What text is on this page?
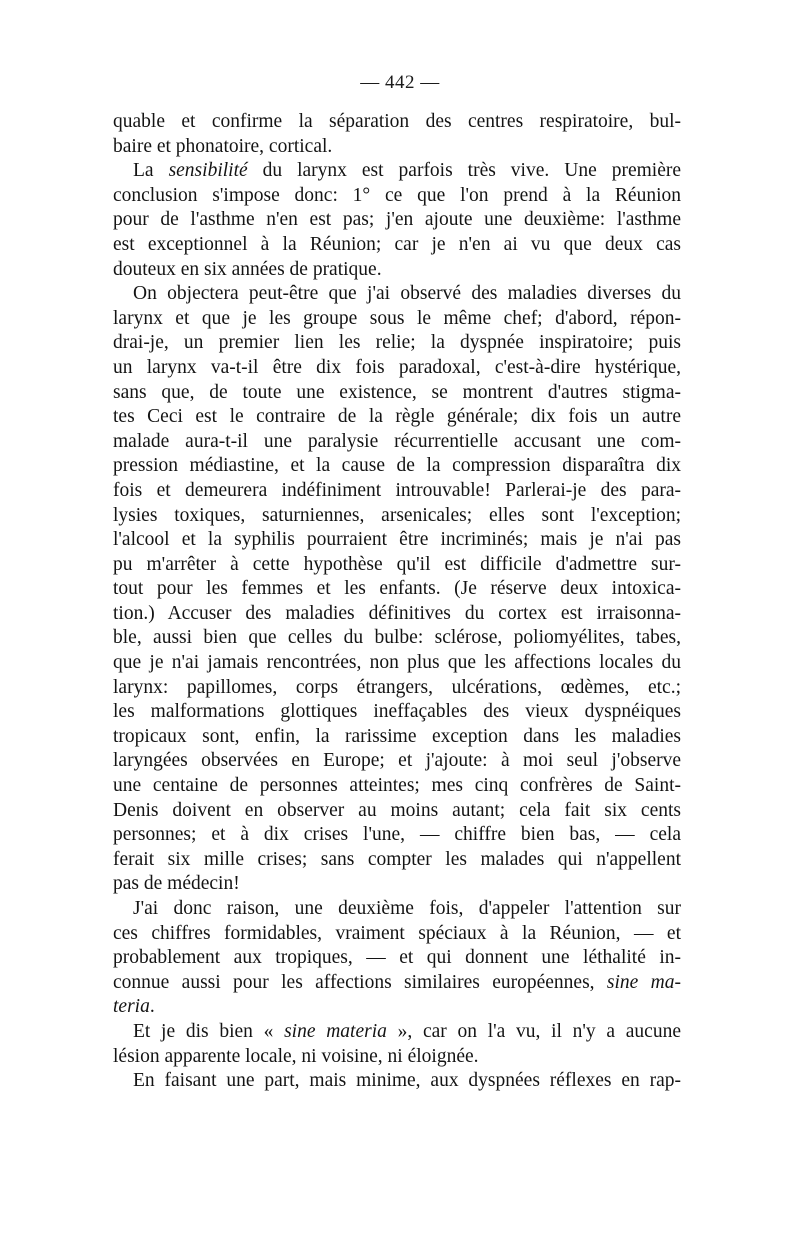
— 442 —
quable et confirme la séparation des centres respiratoire, bul-
baire et phonatoire, cortical.
La sensibilité du larynx est parfois très vive. Une première
conclusion s'impose donc: 1° ce que l'on prend à la Réunion
pour de l'asthme n'en est pas; j'en ajoute une deuxième: l'asthme
est exceptionnel à la Réunion; car je n'en ai vu que deux cas
douteux en six années de pratique.
On objectera peut-être que j'ai observé des maladies diverses du
larynx et que je les groupe sous le même chef; d'abord, répon-
drai-je, un premier lien les relie; la dyspnée inspiratoire; puis
un larynx va-t-il être dix fois paradoxal, c'est-à-dire hystérique,
sans que, de toute une existence, se montrent d'autres stigma-
tes Ceci est le contraire de la règle générale; dix fois un autre
malade aura-t-il une paralysie récurrentielle accusant une com-
pression médiastine, et la cause de la compression disparaîtra dix
fois et demeurera indéfiniment introuvable! Parlerai-je des para-
lysies toxiques, saturniennes, arsenicales; elles sont l'exception;
l'alcool et la syphilis pourraient être incriminés; mais je n'ai pas
pu m'arrêter à cette hypothèse qu'il est difficile d'admettre sur-
tout pour les femmes et les enfants. (Je réserve deux intoxica-
tion.) Accuser des maladies définitives du cortex est irraisonna-
ble, aussi bien que celles du bulbe: sclérose, poliomyélites, tabes,
que je n'ai jamais rencontrées, non plus que les affections locales du
larynx: papillomes, corps étrangers, ulcérations, œdèmes, etc.;
les malformations glottiques ineffaçables des vieux dyspnéiques
tropicaux sont, enfin, la rarissime exception dans les maladies
laryngées observées en Europe; et j'ajoute: à moi seul j'observe
une centaine de personnes atteintes; mes cinq confrères de Saint-
Denis doivent en observer au moins autant; cela fait six cents
personnes; et à dix crises l'une, — chiffre bien bas, — cela
ferait six mille crises; sans compter les malades qui n'appellent
pas de médecin!
J'ai donc raison, une deuxième fois, d'appeler l'attention sur
ces chiffres formidables, vraiment spéciaux à la Réunion, — et
probablement aux tropiques, — et qui donnent une léthalité in-
connue aussi pour les affections similaires européennes, sine ma-
teria.
Et je dis bien « sine materia », car on l'a vu, il n'y a aucune
lésion apparente locale, ni voisine, ni éloignée.
En faisant une part, mais minime, aux dyspnées réflexes en rap-
